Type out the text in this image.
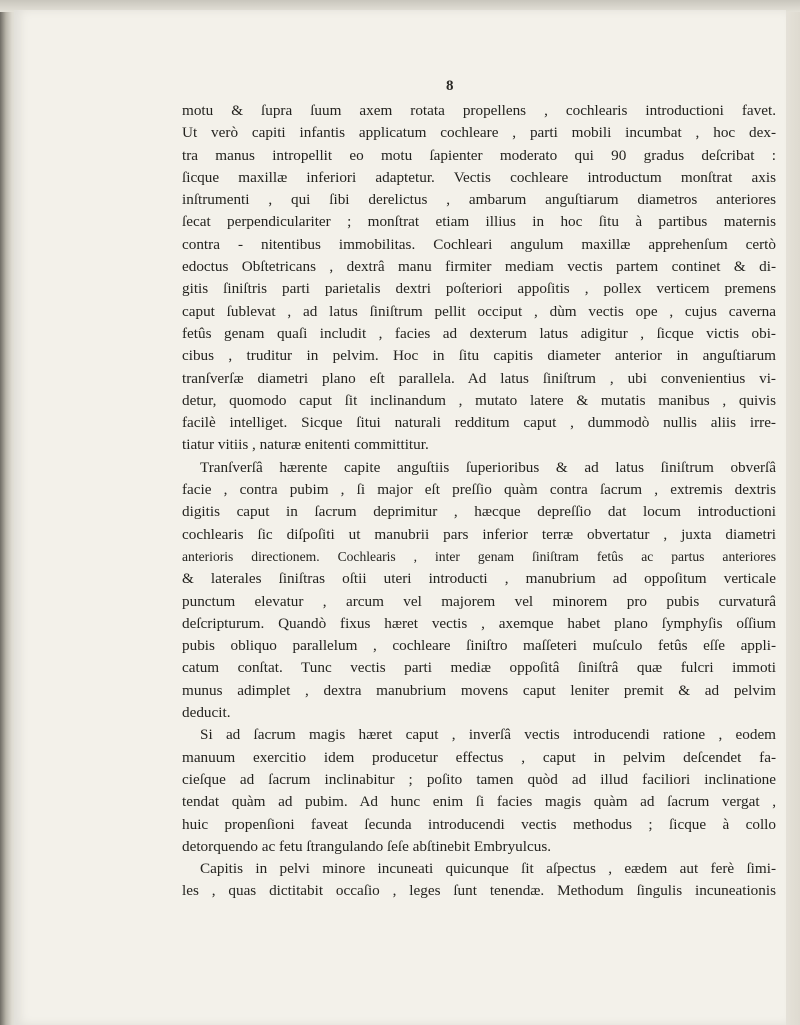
8
motu & ſupra ſuum axem rotata propellens , cochlearis introductioni favet.
Ut verò capiti infantis applicatum cochleare , parti mobili incumbat , hoc dex-
tra manus intropellit eo motu ſapienter moderato qui 90 gradus deſcribat :
ſicque maxillæ inferiori adaptetur. Vectis cochleare introductum monſtrat axis
inſtrumenti , qui ſibi derelictus , ambarum anguſtiarum diametros anteriores
ſecat perpendiculariter ; monſtrat etiam illius in hoc ſitu à partibus maternis
contra - nitentibus immobilitas. Cochleari angulum maxillæ apprehenſum certò
edoctus Obſtetricans , dextrâ manu firmiter mediam vectis partem continet & di-
gitis ſiniſtris parti parietalis dextri poſteriori appoſitis , pollex verticem premens
caput ſublevat , ad latus ſiniſtrum pellit occiput , dùm vectis ope , cujus caverna
fetûs genam quaſi includit , facies ad dexterum latus adigitur , ſicque victis obi-
cibus , truditur in pelvim. Hoc in ſitu capitis diameter anterior in anguſtiarum
tranſverſæ diametri plano eſt parallela. Ad latus ſiniſtrum , ubi convenientius vi-
detur, quomodo caput ſit inclinandum , mutato latere & mutatis manibus , quivis
facilè intelliget. Sicque ſitui naturali redditum caput , dummodò nullis aliis irre-
tiatur vitiis , naturæ enitenti committitur.
Tranſverſâ hærente capite anguſtiis ſuperioribus & ad latus ſiniſtrum obverſâ
facie , contra pubim , ſi major eſt preſſio quàm contra ſacrum , extremis dextris
digitis caput in ſacrum deprimitur , hæcque depreſſio dat locum introductioni
cochlearis ſic diſpoſiti ut manubrii pars inferior terræ obvertatur , juxta diametri
anterioris directionem. Cochlearis , inter genam ſiniſtram fetûs ac partus anteriores
& laterales ſiniſtras oſtii uteri introducti , manubrium ad oppoſitum verticale
punctum elevatur , arcum vel majorem vel minorem pro pubis curvaturâ
deſcripturum. Quandò fixus hæret vectis , axemque habet plano ſymphyſis oſſium
pubis obliquo parallelum , cochleare ſiniſtro maſſeteri muſculo fetûs eſſe appli-
catum conſtat. Tunc vectis parti mediæ oppoſitâ ſiniſtrâ quæ fulcri immoti
munus adimplet , dextra manubrium movens caput leniter premit & ad pelvim
deducit.
Si ad ſacrum magis hæret caput , inverſâ vectis introducendi ratione , eodem
manuum exercitio idem producetur effectus , caput in pelvim deſcendet fa-
cieſque ad ſacrum inclinabitur ; poſito tamen quòd ad illud faciliori inclinatione
tendat quàm ad pubim. Ad hunc enim ſi facies magis quàm ad ſacrum vergat ,
huic propenſioni faveat ſecunda introducendi vectis methodus ; ſicque à collo
detorquendo ac fetu ſtrangulando ſeſe abſtinebit Embryulcus.
Capitis in pelvi minore incuneati quicunque ſit aſpectus , eædem aut ferè ſimi-
les , quas dictitabit occaſio , leges ſunt tenendæ. Methodum ſingulis incuneationis
